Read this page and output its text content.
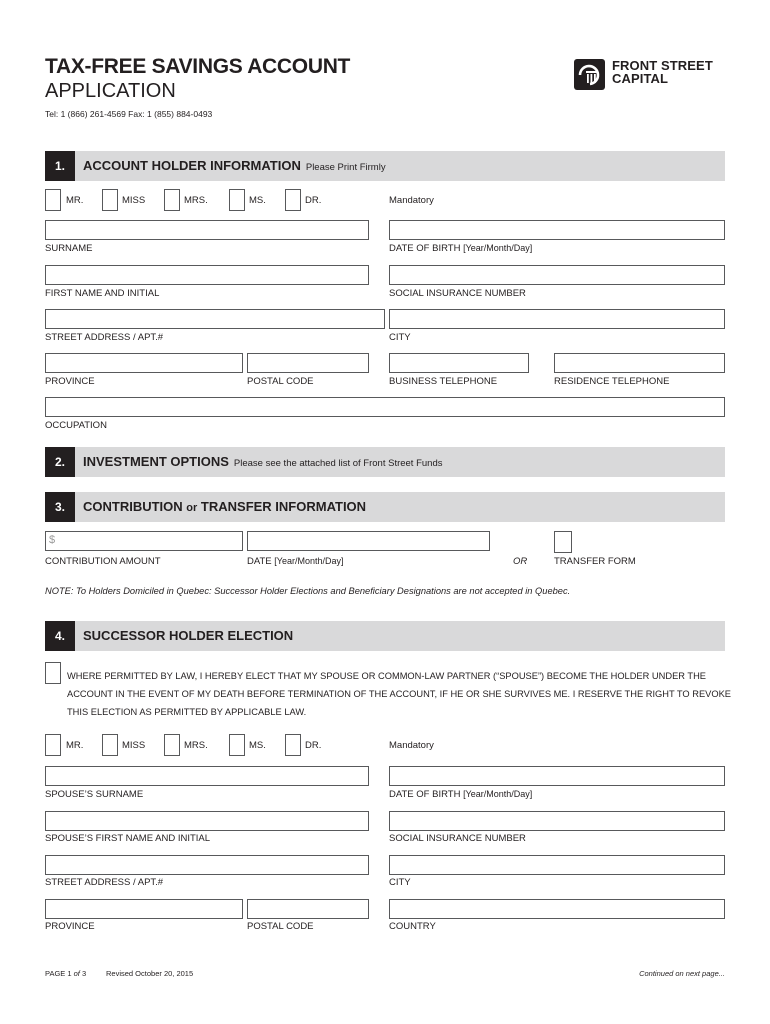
TAX-FREE SAVINGS ACCOUNT
APPLICATION
Tel: 1 (866) 261-4569 Fax: 1 (855) 884-0493
FRONT STREET
CAPITAL
1.	ACCOUNT HOLDER INFORMATION Please Print Firmly
MR.	MISS	MRS.	MS.	DR.	Mandatory
SURNAME	DATE OF BIRTH [Year/Month/Day]
FIRST NAME AND INITIAL	SOCIAL INSURANCE NUMBER
STREET ADDRESS / APT.#	CITY
PROVINCE	POSTAL CODE	BUSINESS TELEPHONE	RESIDENCE TELEPHONE
OCCUPATION
2.	INVESTMENT OPTIONS Please see the attached list of Front Street Funds
3.	CONTRIBUTION or TRANSFER INFORMATION
$
CONTRIBUTION AMOUNT	DATE [Year/Month/Day]	OR	TRANSFER FORM
NOTE: To Holders Domiciled in Quebec: Successor Holder Elections and Beneficiary Designations are not accepted in Quebec.
4.	SUCCESSOR HOLDER ELECTION
WHERE PERMITTED BY LAW, I HEREBY ELECT THAT MY SPOUSE OR COMMON-LAW PARTNER (“SPOUSE”) BECOME THE HOLDER UNDER THE
ACCOUNT IN THE EVENT OF MY DEATH BEFORE TERMINATION OF THE ACCOUNT, IF HE OR SHE SURVIVES ME. I RESERVE THE RIGHT TO REVOKE
THIS ELECTION AS PERMITTED BY APPLICABLE LAW.
MR.	MISS	MRS.	MS.	DR.	Mandatory
SPOUSE’S SURNAME	DATE OF BIRTH [Year/Month/Day]
SPOUSE’S FIRST NAME AND INITIAL	SOCIAL INSURANCE NUMBER
STREET ADDRESS / APT.#	CITY
PROVINCE	POSTAL CODE	COUNTRY
PAGE 1 of 3	Revised October 20, 2015	Continued on next page...
